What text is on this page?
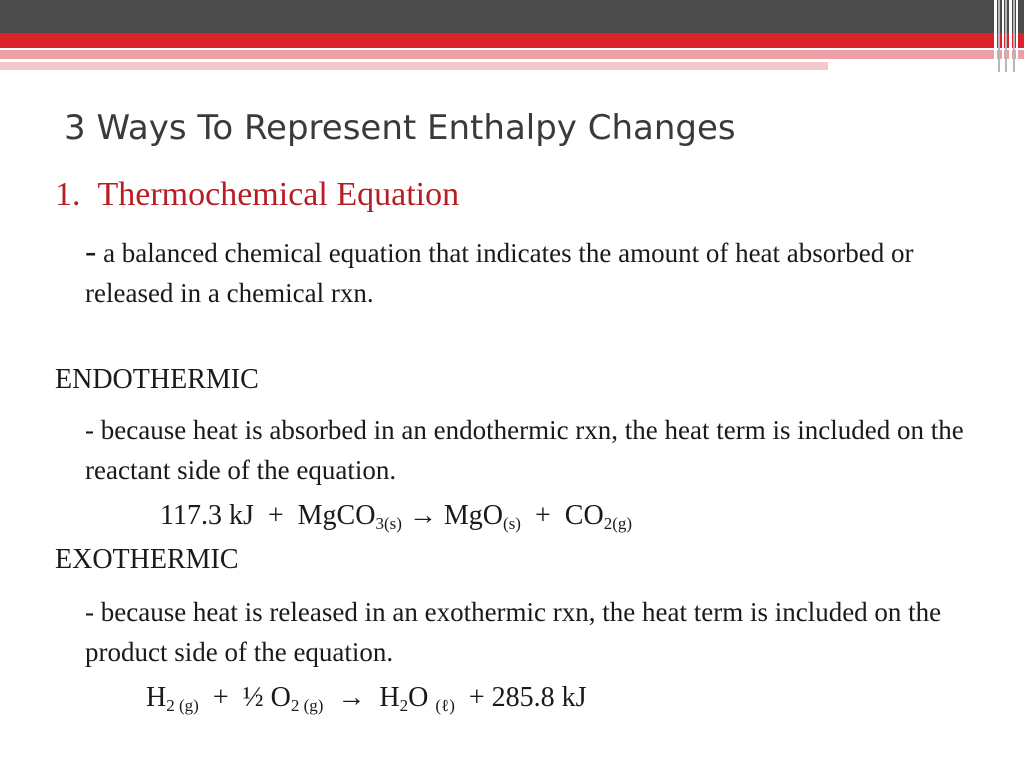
3 Ways To Represent Enthalpy Changes
1. Thermochemical Equation
- a balanced chemical equation that indicates the amount of heat absorbed or released in a chemical rxn.
ENDOTHERMIC
- because heat is absorbed in an endothermic rxn, the heat term is included on the reactant side of the equation.
117.3 kJ + MgCO$_{3(s)}$ → $MgO_{(s)} + CO_{2(g)}$
EXOTHERMIC
- because heat is released in an exothermic rxn, the heat term is included on the product side of the equation.
$H_{2 (g)}$ + ½ $O_{2 (g)} \to H_2O$ $_{(\ell)}$ + 285.8 kJ
